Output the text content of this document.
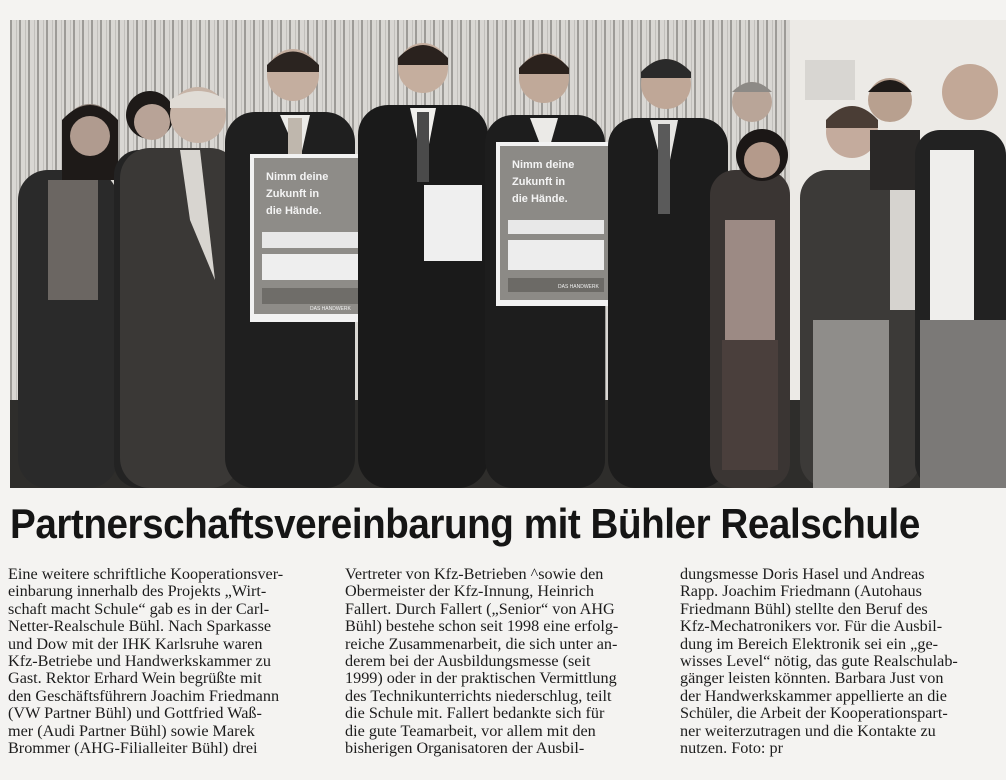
Nimm deine
Zukunft in
die Hände.
DAS HANDWERK
Nimm deine
Zukunft in
die Hände.
DAS HANDWERK
Partnerschaftsvereinbarung mit Bühler Realschule
Eine weitere schriftliche Kooperationsver-
einbarung innerhalb des Projekts „Wirt-
schaft macht Schule“ gab es in der Carl-
Netter-Realschule Bühl. Nach Sparkasse
und Dow mit der IHK Karlsruhe waren
Kfz-Betriebe und Handwerkskammer zu
Gast. Rektor Erhard Wein begrüßte mit
den Geschäftsführern Joachim Friedmann
(VW Partner Bühl) und Gottfried Waß-
mer (Audi Partner Bühl) sowie Marek
Brommer (AHG-Filialleiter Bühl) drei
Vertreter von Kfz-Betrieben ^sowie den
Obermeister der Kfz-Innung, Heinrich
Fallert. Durch Fallert („Senior“ von AHG
Bühl) bestehe schon seit 1998 eine erfolg-
reiche Zusammenarbeit, die sich unter an-
derem bei der Ausbildungsmesse (seit
1999) oder in der praktischen Vermittlung
des Technikunterrichts niederschlug, teilt
die Schule mit. Fallert bedankte sich für
die gute Teamarbeit, vor allem mit den
bisherigen Organisatoren der Ausbil-
dungsmesse Doris Hasel und Andreas
Rapp. Joachim Friedmann (Autohaus
Friedmann Bühl) stellte den Beruf des
Kfz-Mechatronikers vor. Für die Ausbil-
dung im Bereich Elektronik sei ein „ge-
wisses Level“ nötig, das gute Realschulab-
gänger leisten könnten. Barbara Just von
der Handwerkskammer appellierte an die
Schüler, die Arbeit der Kooperationspart-
ner weiterzutragen und die Kontakte zu
nutzen. Foto: pr
